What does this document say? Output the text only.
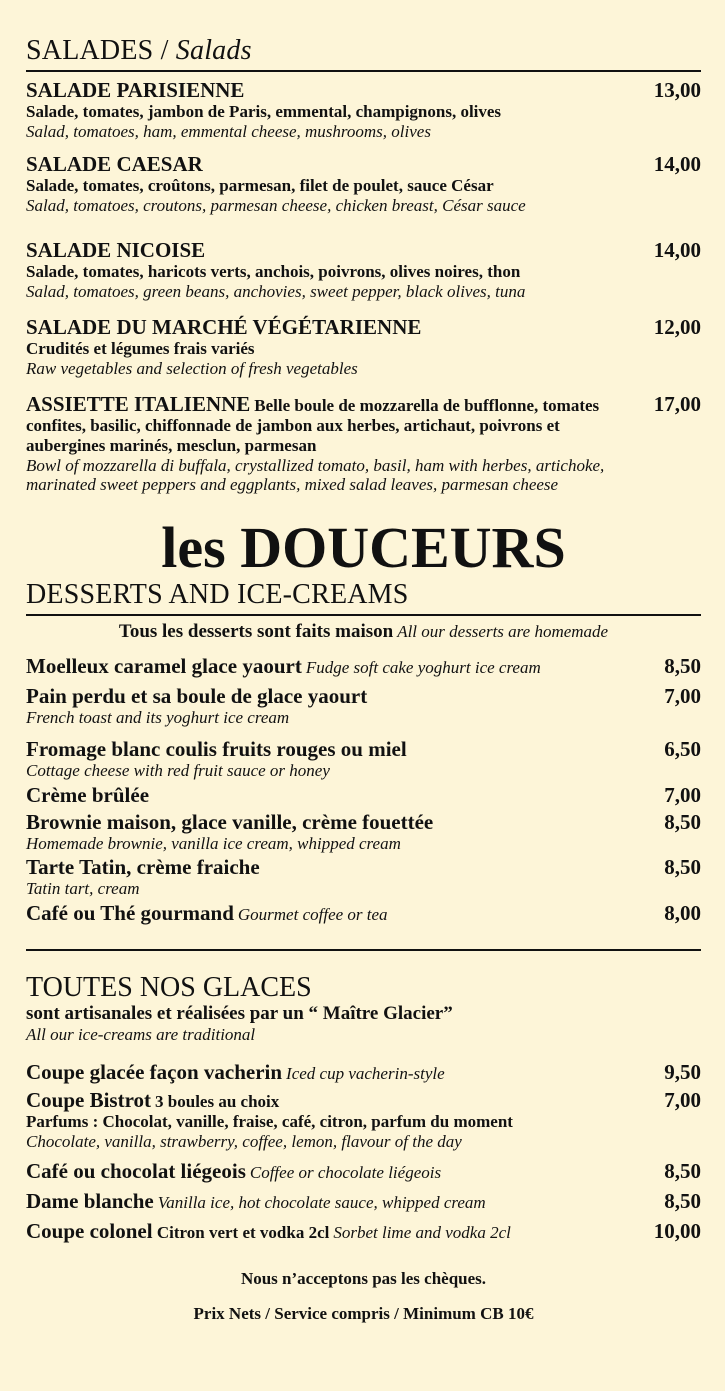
SALADES / Salads
SALADE PARISIENNE
Salade, tomates, jambon de Paris, emmental, champignons, olives
Salad, tomatoes, ham, emmental cheese, mushrooms, olives
13,00
SALADE CAESAR
Salade, tomates, croûtons, parmesan, filet de poulet, sauce César
Salad, tomatoes, croutons, parmesan cheese, chicken breast, César sauce
14,00
SALADE NICOISE
Salade, tomates, haricots verts, anchois, poivrons, olives noires, thon
Salad, tomatoes, green beans, anchovies, sweet pepper, black olives, tuna
14,00
SALADE DU MARCHÉ VÉGÉTARIENNE
Crudités et légumes frais variés
Raw vegetables and selection of fresh vegetables
12,00
ASSIETTE ITALIENNE Belle boule de mozzarella de bufflonne, tomates confites, basilic, chiffonnade de jambon aux herbes, artichaut, poivrons et aubergines marinés, mesclun, parmesan
Bowl of mozzarella di buffala, crystallized tomato, basil, ham with herbes, artichoke, marinated sweet peppers and eggplants, mixed salad leaves, parmesan cheese
17,00
les DOUCEURS
DESSERTS AND ICE-CREAMS
Tous les desserts sont faits maison All our desserts are homemade
Moelleux caramel glace yaourt Fudge soft cake yoghurt ice cream	8,50
Pain perdu et sa boule de glace yaourt
French toast and its yoghurt ice cream
7,00
Fromage blanc coulis fruits rouges ou miel
Cottage cheese with red fruit sauce or honey
6,50
Crème brûlée	7,00
Brownie maison, glace vanille, crème fouettée
Homemade brownie, vanilla ice cream, whipped cream
8,50
Tarte Tatin, crème fraiche
Tatin tart, cream
8,50
Café ou Thé gourmand Gourmet coffee or tea	8,00
TOUTES NOS GLACES
sont artisanales et réalisées par un “ Maître Glacier”
All our ice-creams are traditional
Coupe glacée façon vacherin Iced cup vacherin-style	9,50
Coupe Bistrot 3 boules au choix
Parfums : Chocolat, vanille, fraise, café, citron, parfum du moment
Chocolate, vanilla, strawberry, coffee, lemon, flavour of the day
7,00
Café ou chocolat liégeois Coffee or chocolate liégeois	8,50
Dame blanche Vanilla ice, hot chocolate sauce, whipped cream	8,50
Coupe colonel Citron vert et vodka 2cl Sorbet lime and vodka 2cl	10,00
Nous n’acceptons pas les chèques.
Prix Nets / Service compris / Minimum CB 10€
